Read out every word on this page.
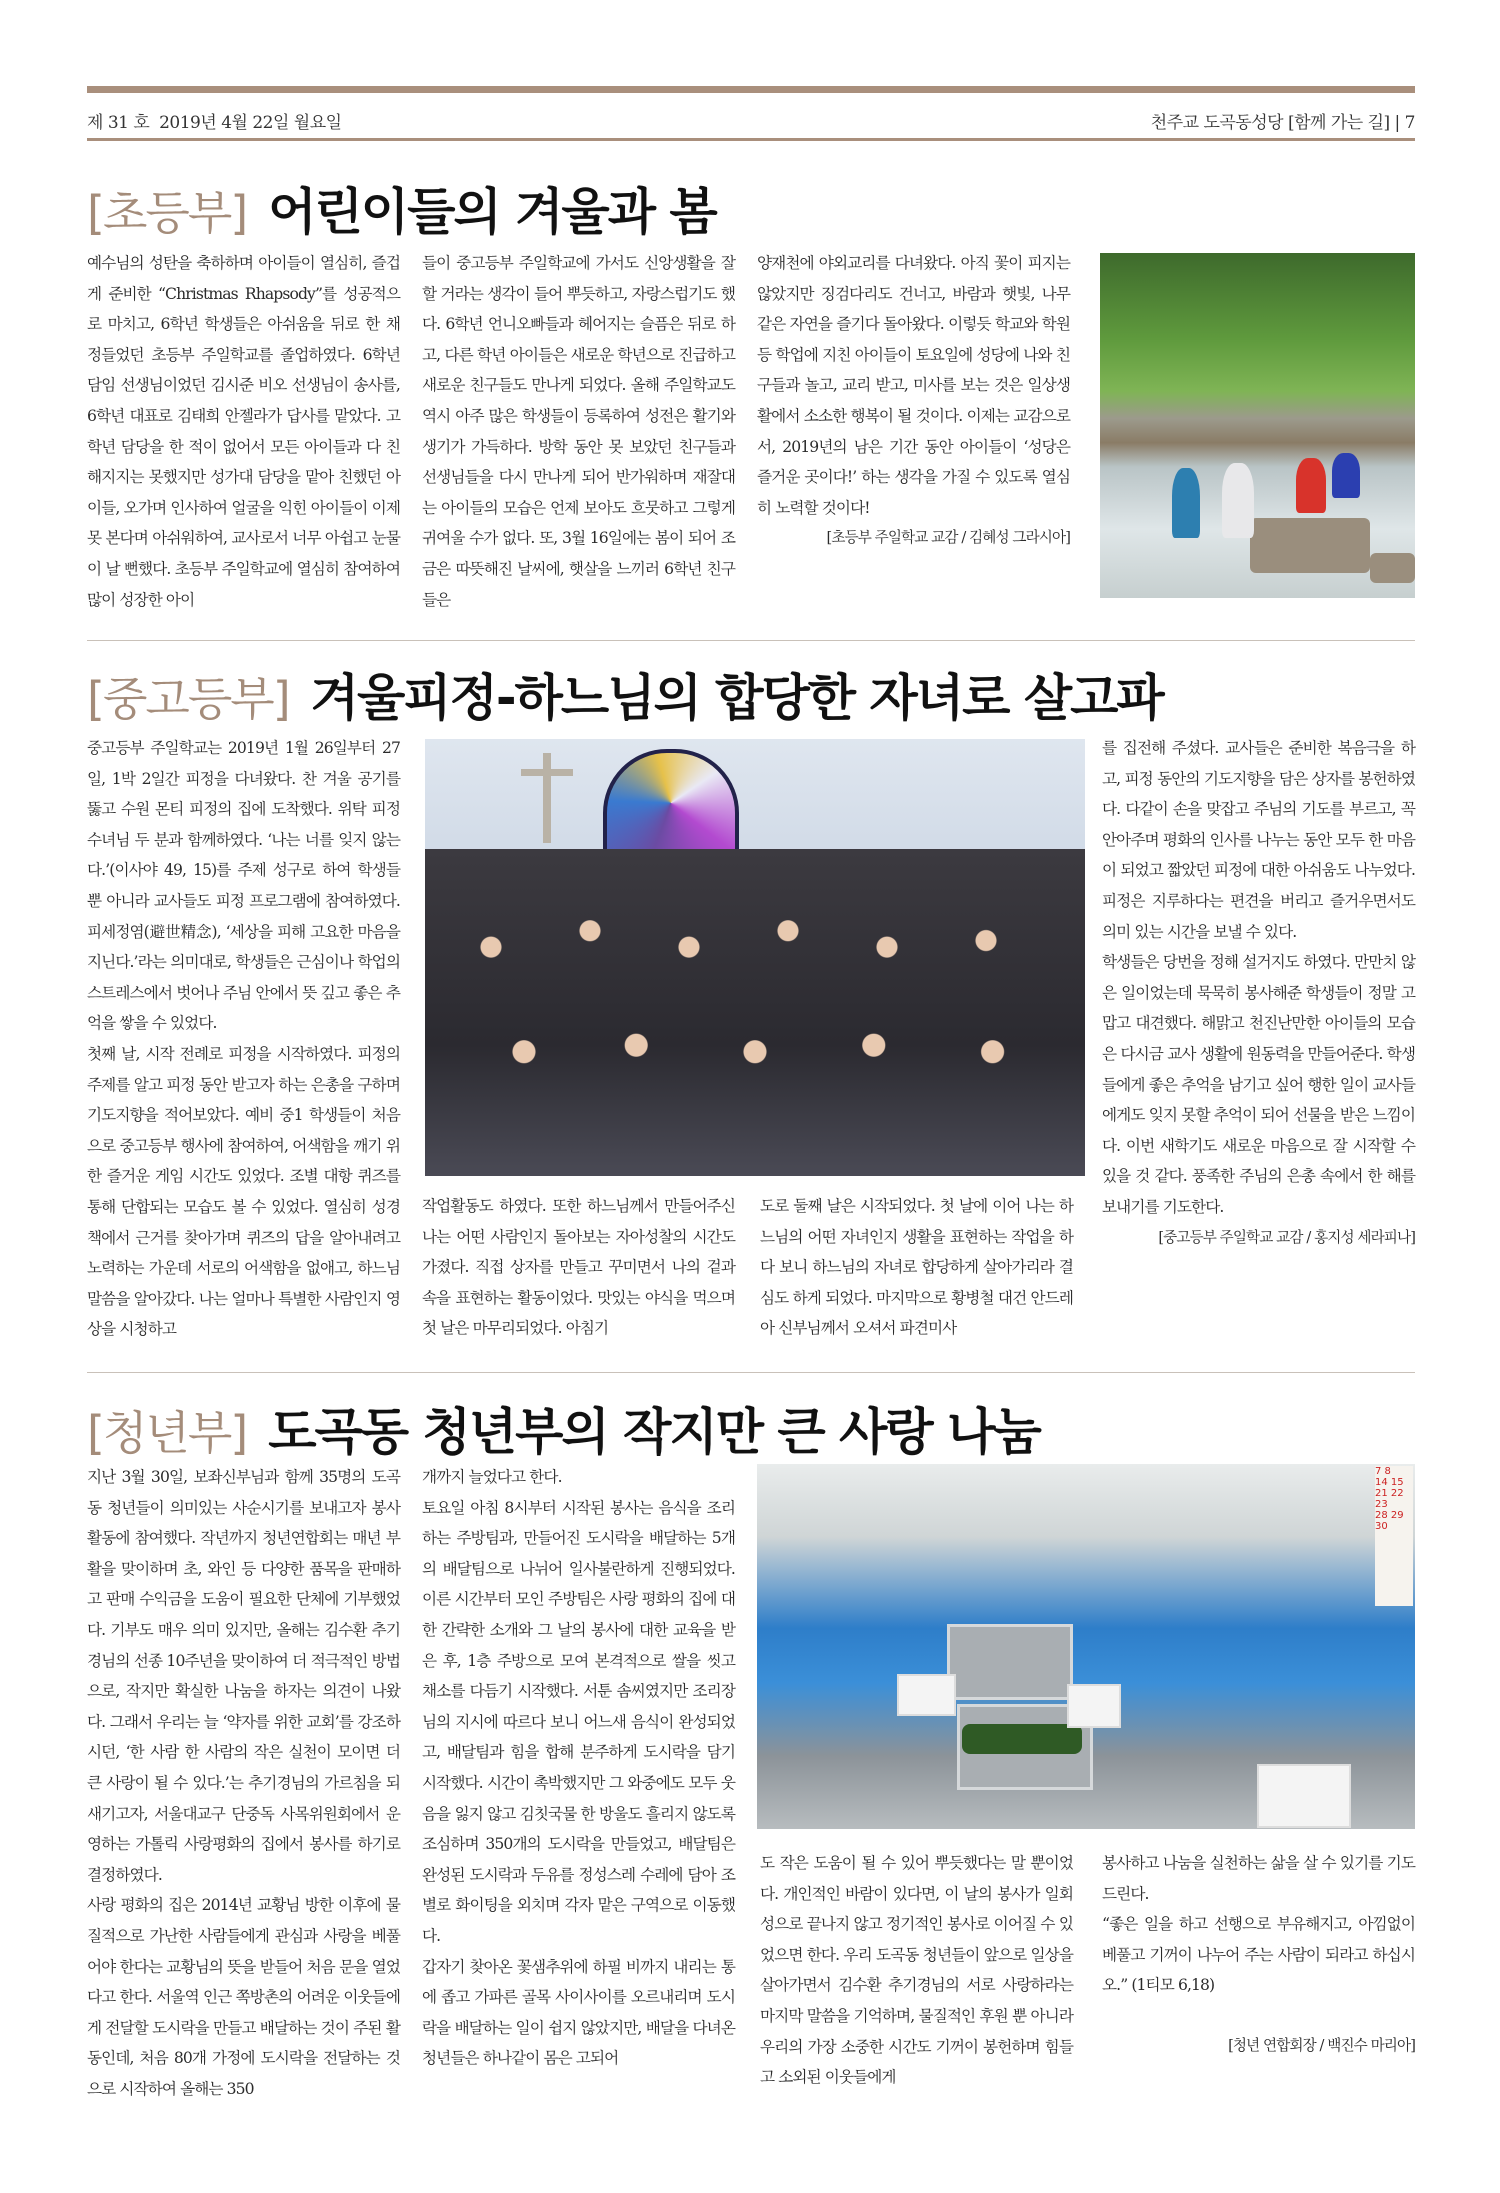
제 31 호 2019년 4월 22일 월요일	천주교 도곡동성당 [함께 가는 길] | 7
[초등부] 어린이들의 겨울과 봄

예수님의 성탄을 축하하며 아이들이 열심히, 즐겁게 준비한 “Christmas Rhapsody”를 성공적으로 마치고, 6학년 학생들은 아쉬움을 뒤로 한 채 정들었던 초등부 주일학교를 졸업하였다. 6학년 담임 선생님이었던 김시준 비오 선생님이 송사를, 6학년 대표로 김태희 안젤라가 답사를 맡았다. 고학년 담당을 한 적이 없어서 모든 아이들과 다 친해지지는 못했지만 성가대 담당을 맡아 친했던 아이들, 오가며 인사하여 얼굴을 익힌 아이들이 이제 못 본다며 아쉬워하여, 교사로서 너무 아쉽고 눈물이 날 뻔했다. 초등부 주일학교에 열심히 참여하여 많이 성장한 아이

들이 중고등부 주일학교에 가서도 신앙생활을 잘 할 거라는 생각이 들어 뿌듯하고, 자랑스럽기도 했다. 6학년 언니오빠들과 헤어지는 슬픔은 뒤로 하고, 다른 학년 아이들은 새로운 학년으로 진급하고 새로운 친구들도 만나게 되었다. 올해 주일학교도 역시 아주 많은 학생들이 등록하여 성전은 활기와 생기가 가득하다. 방학 동안 못 보았던 친구들과 선생님들을 다시 만나게 되어 반가워하며 재잘대는 아이들의 모습은 언제 보아도 흐뭇하고 그렇게 귀여울 수가 없다. 또, 3월 16일에는 봄이 되어 조금은 따뜻해진 날씨에, 햇살을 느끼러 6학년 친구들은

양재천에 야외교리를 다녀왔다. 아직 꽃이 피지는 않았지만 징검다리도 건너고, 바람과 햇빛, 나무 같은 자연을 즐기다 돌아왔다. 이렇듯 학교와 학원 등 학업에 지친 아이들이 토요일에 성당에 나와 친구들과 놀고, 교리 받고, 미사를 보는 것은 일상생활에서 소소한 행복이 될 것이다. 이제는 교감으로서, 2019년의 남은 기간 동안 아이들이 ‘성당은 즐거운 곳이다!’ 하는 생각을 가질 수 있도록 열심히 노력할 것이다!

[초등부 주일학교 교감 / 김혜성 그라시아]

[중고등부] 겨울피정-하느님의 합당한 자녀로 살고파

중고등부 주일학교는 2019년 1월 26일부터 27일, 1박 2일간 피정을 다녀왔다. 찬 겨울 공기를 뚫고 수원 몬티 피정의 집에 도착했다. 위탁 피정 수녀님 두 분과 함께하였다. ‘나는 너를 잊지 않는다.’(이사야 49, 15)를 주제 성구로 하여 학생들 뿐 아니라 교사들도 피정 프로그램에 참여하였다. 피세정염(避世精念), ‘세상을 피해 고요한 마음을 지닌다.’라는 의미대로, 학생들은 근심이나 학업의 스트레스에서 벗어나 주님 안에서 뜻 깊고 좋은 추억을 쌓을 수 있었다.

첫째 날, 시작 전례로 피정을 시작하였다. 피정의 주제를 알고 피정 동안 받고자 하는 은총을 구하며 기도지향을 적어보았다. 예비 중1 학생들이 처음으로 중고등부 행사에 참여하여, 어색함을 깨기 위한 즐거운 게임 시간도 있었다. 조별 대항 퀴즈를 통해 단합되는 모습도 볼 수 있었다. 열심히 성경책에서 근거를 찾아가며 퀴즈의 답을 알아내려고 노력하는 가운데 서로의 어색함을 없애고, 하느님 말씀을 알아갔다. 나는 얼마나 특별한 사람인지 영상을 시청하고

작업활동도 하였다. 또한 하느님께서 만들어주신 나는 어떤 사람인지 돌아보는 자아성찰의 시간도 가졌다. 직접 상자를 만들고 꾸미면서 나의 겉과 속을 표현하는 활동이었다. 맛있는 야식을 먹으며 첫 날은 마무리되었다. 아침기

도로 둘째 날은 시작되었다. 첫 날에 이어 나는 하느님의 어떤 자녀인지 생활을 표현하는 작업을 하다 보니 하느님의 자녀로 합당하게 살아가리라 결심도 하게 되었다. 마지막으로 황병철 대건 안드레아 신부님께서 오셔서 파견미사

를 집전해 주셨다. 교사들은 준비한 복음극을 하고, 피정 동안의 기도지향을 담은 상자를 봉헌하였다. 다같이 손을 맞잡고 주님의 기도를 부르고, 꼭 안아주며 평화의 인사를 나누는 동안 모두 한 마음이 되었고 짧았던 피정에 대한 아쉬움도 나누었다. 피정은 지루하다는 편견을 버리고 즐거우면서도 의미 있는 시간을 보낼 수 있다.

학생들은 당번을 정해 설거지도 하였다. 만만치 않은 일이었는데 묵묵히 봉사해준 학생들이 정말 고맙고 대견했다. 해맑고 천진난만한 아이들의 모습은 다시금 교사 생활에 원동력을 만들어준다. 학생들에게 좋은 추억을 남기고 싶어 행한 일이 교사들에게도 잊지 못할 추억이 되어 선물을 받은 느낌이다. 이번 새학기도 새로운 마음으로 잘 시작할 수 있을 것 같다. 풍족한 주님의 은총 속에서 한 해를 보내기를 기도한다.

[중고등부 주일학교 교감 / 홍지성 세라피나]

[청년부] 도곡동 청년부의 작지만 큰 사랑 나눔

지난 3월 30일, 보좌신부님과 함께 35명의 도곡동 청년들이 의미있는 사순시기를 보내고자 봉사활동에 참여했다. 작년까지 청년연합회는 매년 부활을 맞이하며 초, 와인 등 다양한 품목을 판매하고 판매 수익금을 도움이 필요한 단체에 기부했었다. 기부도 매우 의미 있지만, 올해는 김수환 추기경님의 선종 10주년을 맞이하여 더 적극적인 방법으로, 작지만 확실한 나눔을 하자는 의견이 나왔다. 그래서 우리는 늘 ‘약자를 위한 교회’를 강조하시던, ‘한 사람 한 사람의 작은 실천이 모이면 더 큰 사랑이 될 수 있다.’는 추기경님의 가르침을 되새기고자, 서울대교구 단중독 사목위원회에서 운영하는 가톨릭 사랑평화의 집에서 봉사를 하기로 결정하였다.

사랑 평화의 집은 2014년 교황님 방한 이후에 물질적으로 가난한 사람들에게 관심과 사랑을 베풀어야 한다는 교황님의 뜻을 받들어 처음 문을 열었다고 한다. 서울역 인근 쪽방촌의 어려운 이웃들에게 전달할 도시락을 만들고 배달하는 것이 주된 활동인데, 처음 80개 가정에 도시락을 전달하는 것으로 시작하여 올해는 350

개까지 늘었다고 한다.

토요일 아침 8시부터 시작된 봉사는 음식을 조리하는 주방팀과, 만들어진 도시락을 배달하는 5개의 배달팀으로 나뉘어 일사불란하게 진행되었다. 이른 시간부터 모인 주방팀은 사랑 평화의 집에 대한 간략한 소개와 그 날의 봉사에 대한 교육을 받은 후, 1층 주방으로 모여 본격적으로 쌀을 씻고 채소를 다듬기 시작했다. 서툰 솜씨였지만 조리장님의 지시에 따르다 보니 어느새 음식이 완성되었고, 배달팀과 힘을 합해 분주하게 도시락을 담기 시작했다. 시간이 촉박했지만 그 와중에도 모두 웃음을 잃지 않고 김칫국물 한 방울도 흘리지 않도록 조심하며 350개의 도시락을 만들었고, 배달팀은 완성된 도시락과 두유를 정성스레 수레에 담아 조별로 화이팅을 외치며 각자 맡은 구역으로 이동했다.

갑자기 찾아온 꽃샘추위에 하필 비까지 내리는 통에 좁고 가파른 골목 사이사이를 오르내리며 도시락을 배달하는 일이 쉽지 않았지만, 배달을 다녀온 청년들은 하나같이 몸은 고되어

7 8
14 15
21 22 23
28 29 30

도 작은 도움이 될 수 있어 뿌듯했다는 말 뿐이었다. 개인적인 바람이 있다면, 이 날의 봉사가 일회성으로 끝나지 않고 정기적인 봉사로 이어질 수 있었으면 한다. 우리 도곡동 청년들이 앞으로 일상을 살아가면서 김수환 추기경님의 서로 사랑하라는 마지막 말씀을 기억하며, 물질적인 후원 뿐 아니라 우리의 가장 소중한 시간도 기꺼이 봉헌하며 힘들고 소외된 이웃들에게

봉사하고 나눔을 실천하는 삶을 살 수 있기를 기도 드린다.

“좋은 일을 하고 선행으로 부유해지고, 아낌없이 베풀고 기꺼이 나누어 주는 사람이 되라고 하십시오.” (1티모 6,18)

[청년 연합회장 / 백진수 마리아]
